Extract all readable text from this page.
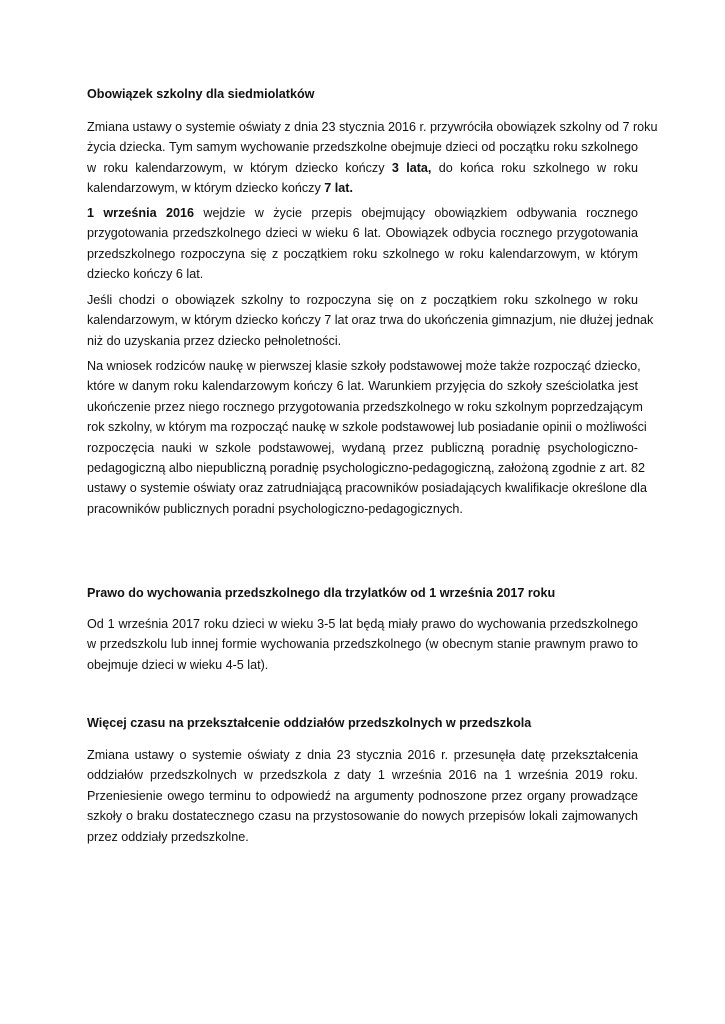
Obowiązek szkolny dla siedmiolatków

Zmiana ustawy o systemie oświaty z dnia 23 stycznia 2016 r. przywróciła obowiązek szkolny od 7 roku
życia dziecka. Tym samym wychowanie przedszkolne obejmuje dzieci od początku roku szkolnego
w roku kalendarzowym, w którym dziecko kończy 3 lata, do końca roku szkolnego w roku
kalendarzowym, w którym dziecko kończy 7 lat.

1 września 2016 wejdzie w życie przepis obejmujący obowiązkiem odbywania rocznego
przygotowania przedszkolnego dzieci w wieku 6 lat. Obowiązek odbycia rocznego przygotowania
przedszkolnego rozpoczyna się z początkiem roku szkolnego w roku kalendarzowym, w którym
dziecko kończy 6 lat.

Jeśli chodzi o obowiązek szkolny to rozpoczyna się on z początkiem roku szkolnego w roku
kalendarzowym, w którym dziecko kończy 7 lat oraz trwa do ukończenia gimnazjum, nie dłużej jednak
niż do uzyskania przez dziecko pełnoletności.

Na wniosek rodziców naukę w pierwszej klasie szkoły podstawowej może także rozpocząć dziecko,
które w danym roku kalendarzowym kończy 6 lat. Warunkiem przyjęcia do szkoły sześciolatka jest
ukończenie przez niego rocznego przygotowania przedszkolnego w roku szkolnym poprzedzającym
rok szkolny, w którym ma rozpocząć naukę w szkole podstawowej lub posiadanie opinii o możliwości
rozpoczęcia nauki w szkole podstawowej, wydaną przez publiczną poradnię psychologiczno-
pedagogiczną albo niepubliczną poradnię psychologiczno-pedagogiczną, założoną zgodnie z art. 82
ustawy o systemie oświaty oraz zatrudniającą pracowników posiadających kwalifikacje określone dla
pracowników publicznych poradni psychologiczno-pedagogicznych.

Prawo do wychowania przedszkolnego dla trzylatków od 1 września 2017 roku

Od 1 września 2017 roku dzieci w wieku 3-5 lat będą miały prawo do wychowania przedszkolnego
w przedszkolu lub innej formie wychowania przedszkolnego (w obecnym stanie prawnym prawo to
obejmuje dzieci w wieku 4-5 lat).

Więcej czasu na przekształcenie oddziałów przedszkolnych w przedszkola

Zmiana ustawy o systemie oświaty z dnia 23 stycznia 2016 r. przesunęła datę przekształcenia
oddziałów przedszkolnych w przedszkola z daty 1 września 2016 na 1 września 2019 roku.
Przeniesienie owego terminu to odpowiedź na argumenty podnoszone przez organy prowadzące
szkoły o braku dostatecznego czasu na przystosowanie do nowych przepisów lokali zajmowanych
przez oddziały przedszkolne.
